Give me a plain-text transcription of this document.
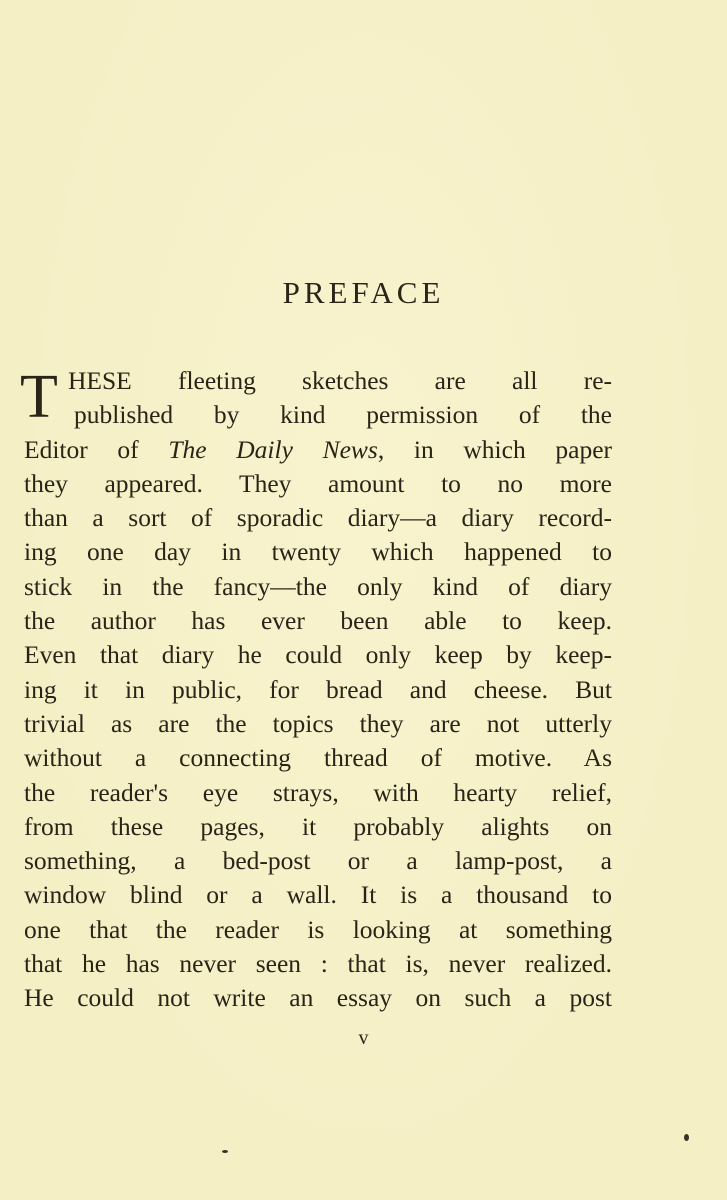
PREFACE
T HESE fleeting sketches are all re-
published by kind permission of the
Editor of The Daily News, in which paper
they appeared. They amount to no more
than a sort of sporadic diary—a diary record-
ing one day in twenty which happened to
stick in the fancy—the only kind of diary
the author has ever been able to keep.
Even that diary he could only keep by keep-
ing it in public, for bread and cheese. But
trivial as are the topics they are not utterly
without a connecting thread of motive. As
the reader's eye strays, with hearty relief,
from these pages, it probably alights on
something, a bed-post or a lamp-post, a
window blind or a wall. It is a thousand to
one that the reader is looking at something
that he has never seen : that is, never realized.
He could not write an essay on such a post
v
